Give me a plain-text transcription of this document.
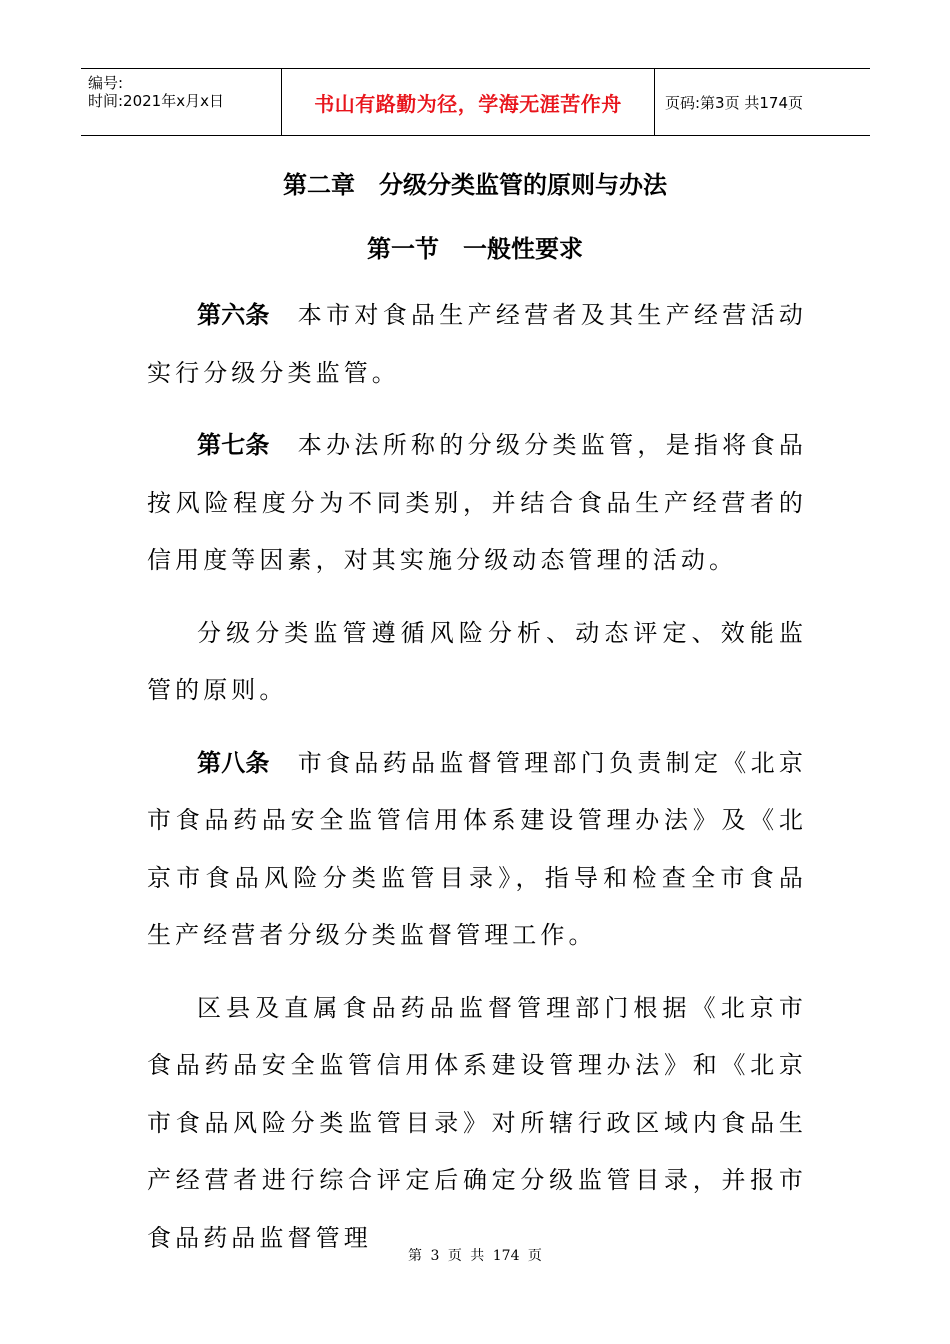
编号:
时间:2021年x月x日	书山有路勤为径，学海无涯苦作舟	页码:第3页 共174页
第二章　分级分类监管的原则与办法
第一节　一般性要求

第六条 本市对食品生产经营者及其生产经营活动实行分级分类监管。

第七条 本办法所称的分级分类监管，是指将食品按风险程度分为不同类别，并结合食品生产经营者的信用度等因素，对其实施分级动态管理的活动。

分级分类监管遵循风险分析、动态评定、效能监管的原则。

第八条 市食品药品监督管理部门负责制定《北京市食品药品安全监管信用体系建设管理办法》及《北京市食品风险分类监管目录》，指导和检查全市食品生产经营者分级分类监督管理工作。

区县及直属食品药品监督管理部门根据《北京市食品药品安全监管信用体系建设管理办法》和《北京市食品风险分类监管目录》对所辖行政区域内食品生产经营者进行综合评定后确定分级监管目录，并报市食品药品监督管理

第 3 页 共 174 页
